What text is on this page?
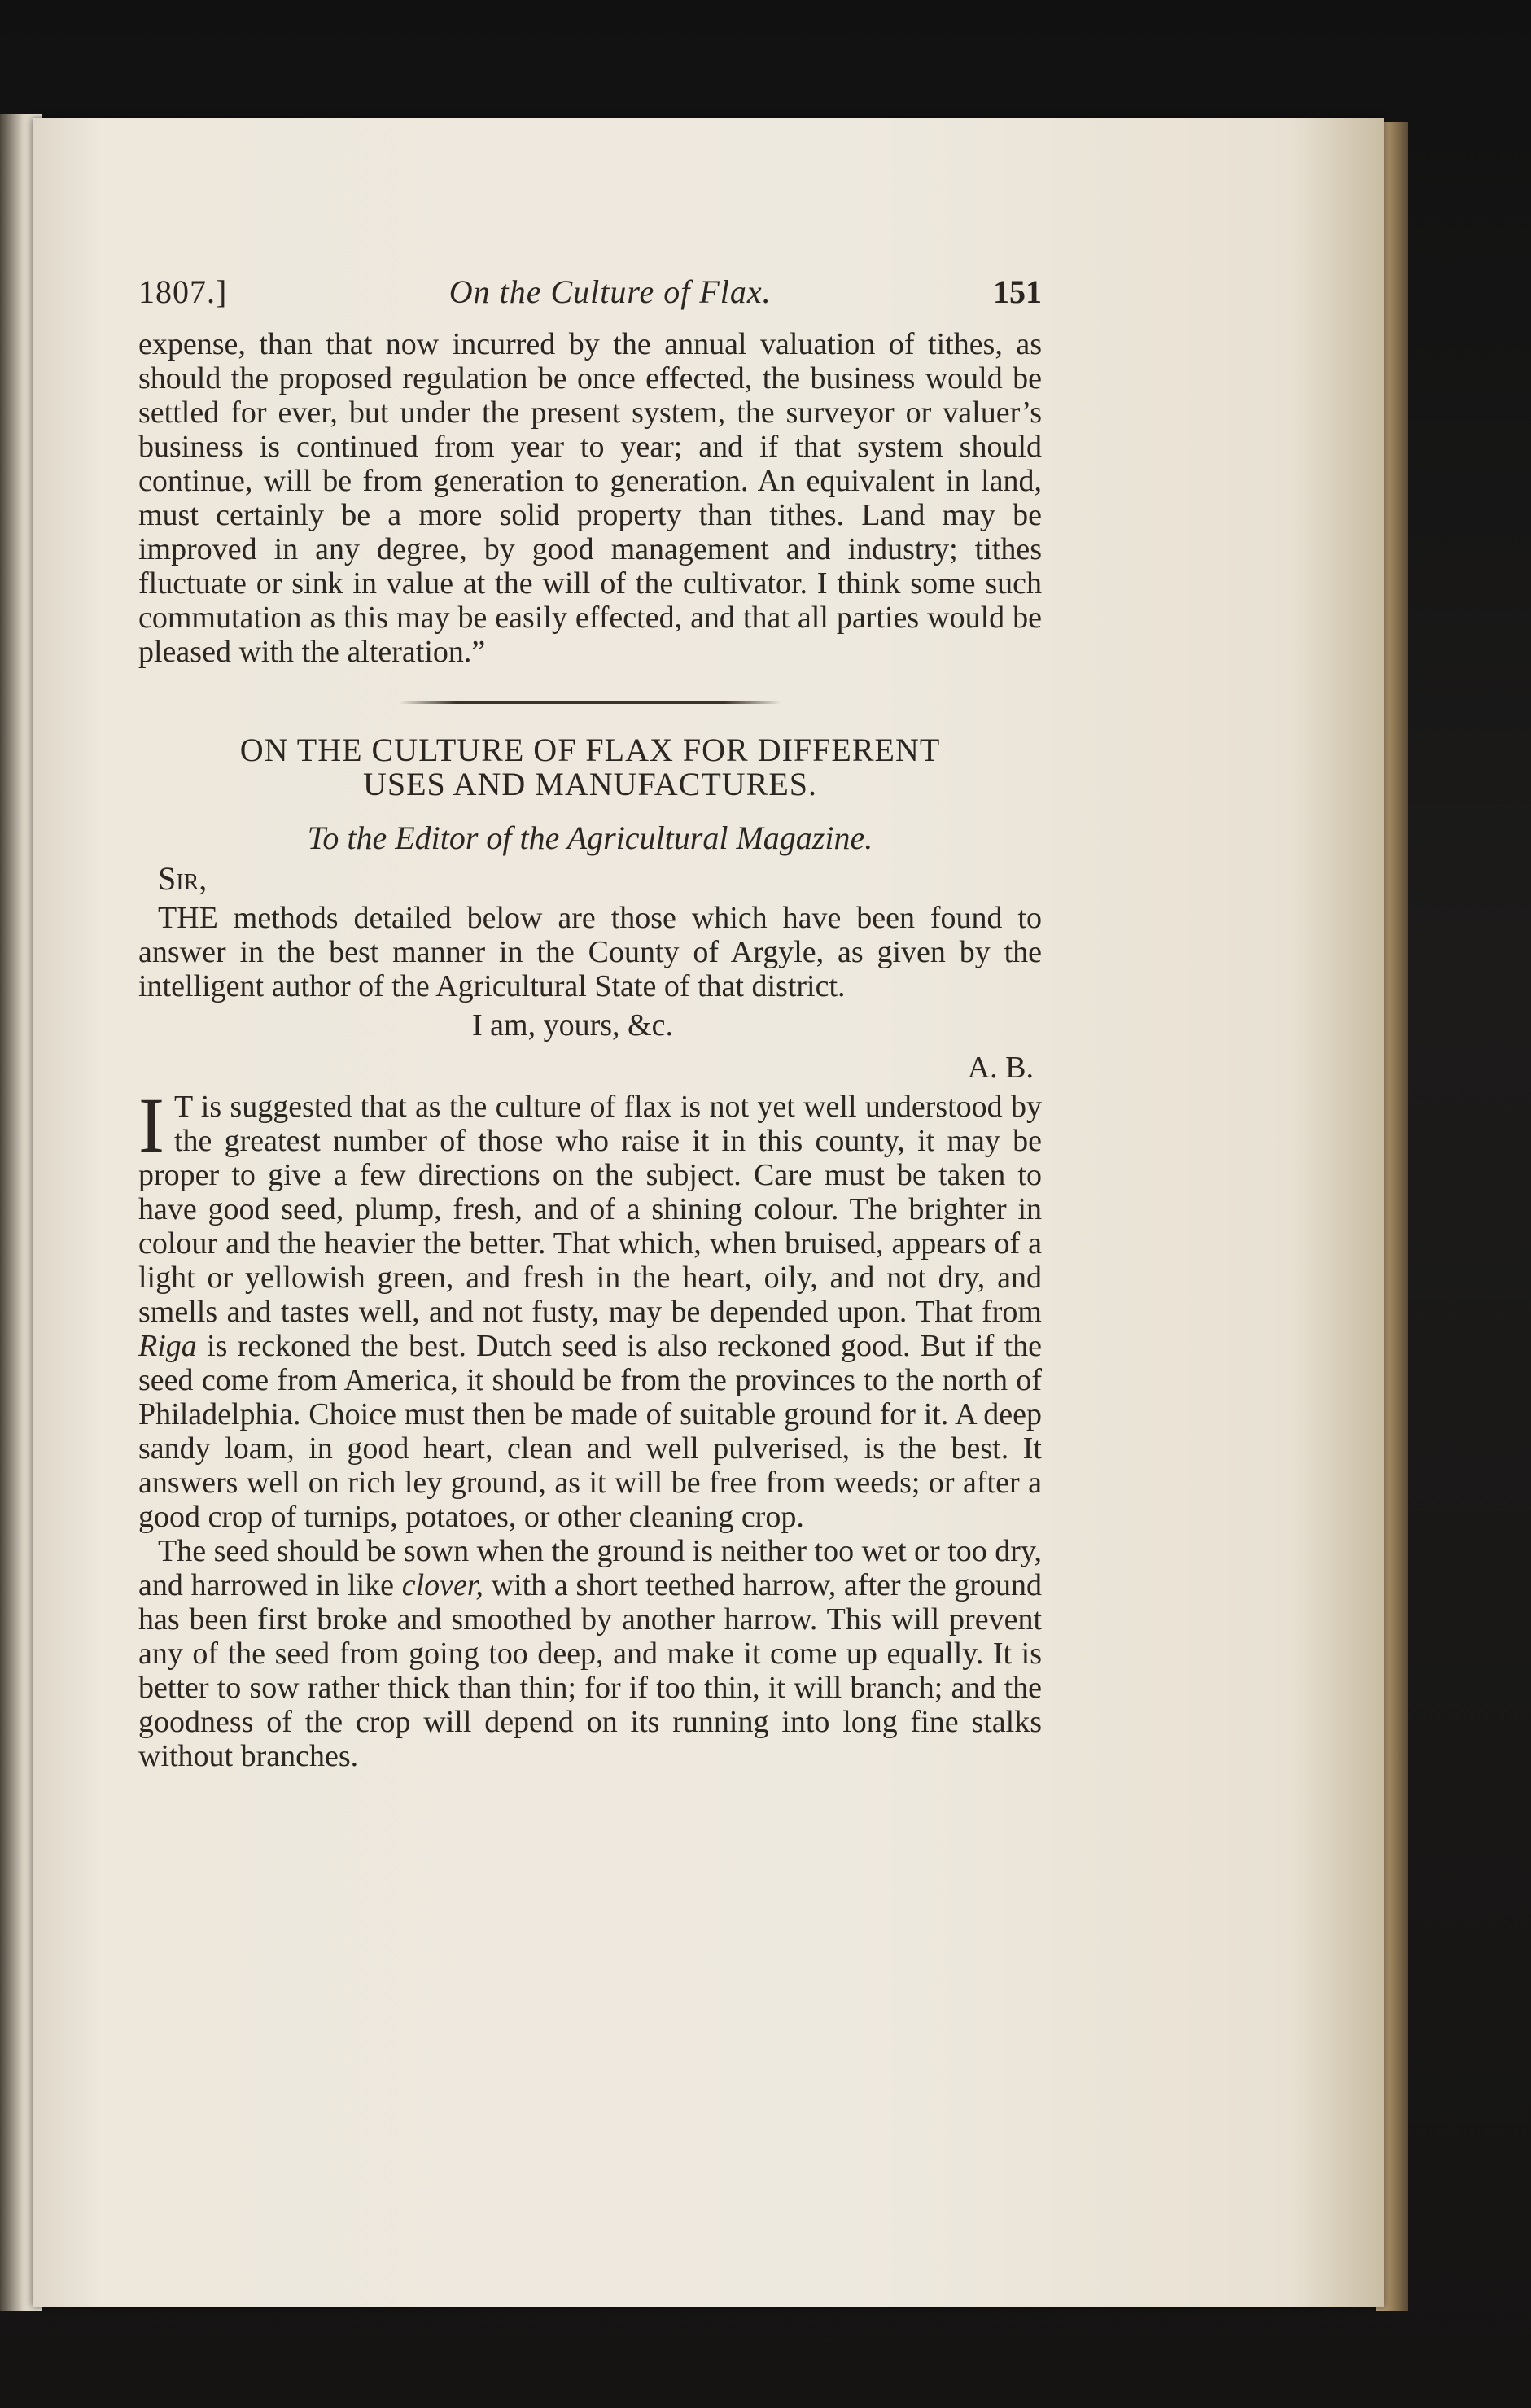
1807.]	On the Culture of Flax.	151

expense, than that now incurred by the annual valuation of tithes, as should the proposed regulation be once effected, the business would be settled for ever, but under the present system, the surveyor or valuer’s business is continued from year to year; and if that system should continue, will be from generation to generation. An equivalent in land, must certainly be a more solid property than tithes. Land may be improved in any degree, by good management and industry; tithes fluctuate or sink in value at the will of the cultivator. I think some such commutation as this may be easily effected, and that all parties would be pleased with the alteration.”

ON THE CULTURE OF FLAX FOR DIFFERENT
USES AND MANUFACTURES.

To the Editor of the Agricultural Magazine.

Sir,

THE methods detailed below are those which have been found to answer in the best manner in the County of Argyle, as given by the intelligent author of the Agricultural State of that district.

I am, yours, &c.

A. B.

I T is suggested that as the culture of flax is not yet well understood by the greatest number of those who raise it in this county, it may be proper to give a few directions on the subject. Care must be taken to have good seed, plump, fresh, and of a shining colour. The brighter in colour and the heavier the better. That which, when bruised, appears of a light or yellowish green, and fresh in the heart, oily, and not dry, and smells and tastes well, and not fusty, may be depended upon. That from Riga is reckoned the best. Dutch seed is also reckoned good. But if the seed come from America, it should be from the provinces to the north of Philadelphia. Choice must then be made of suitable ground for it. A deep sandy loam, in good heart, clean and well pulverised, is the best. It answers well on rich ley ground, as it will be free from weeds; or after a good crop of turnips, potatoes, or other cleaning crop.

The seed should be sown when the ground is neither too wet or too dry, and harrowed in like clover, with a short teethed harrow, after the ground has been first broke and smoothed by another harrow. This will prevent any of the seed from going too deep, and make it come up equally. It is better to sow rather thick than thin; for if too thin, it will branch; and the goodness of the crop will depend on its running into long fine stalks without branches.
